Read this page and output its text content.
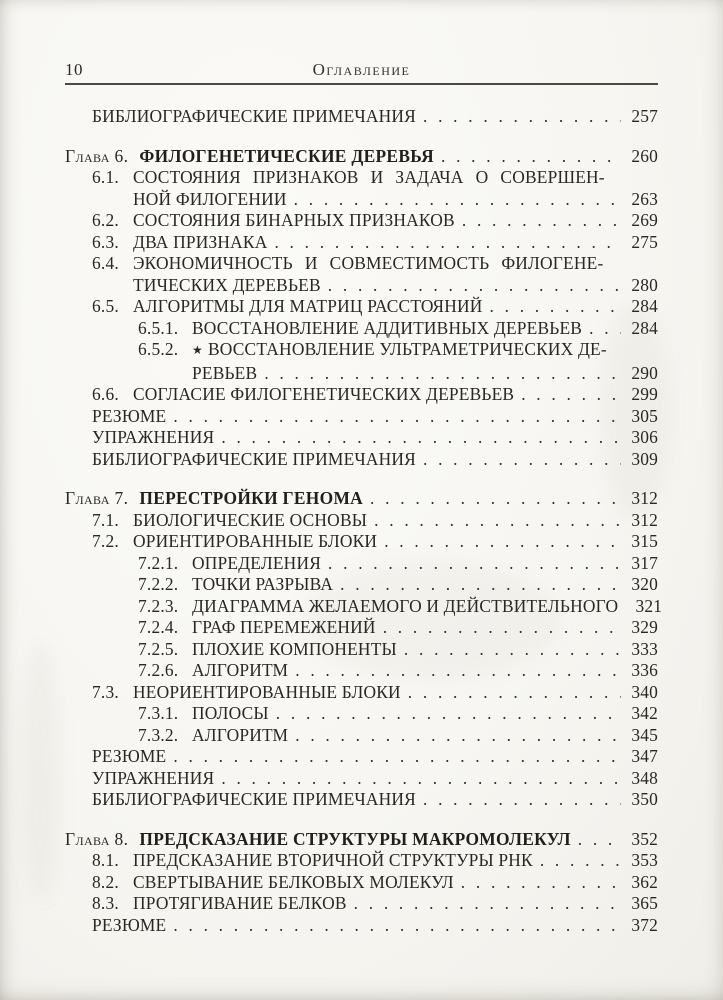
10	Оглавление
БИБЛИОГРАФИЧЕСКИЕ ПРИМЕЧАНИЯ . . .	257
Глава 6. ФИЛОГЕНЕТИЧЕСКИЕ ДЕРЕВЬЯ . . .	260
6.1. СОСТОЯНИЯ ПРИЗНАКОВ И ЗАДАЧА О СОВЕРШЕН-
НОЙ ФИЛОГЕНИИ . . .	263
6.2. СОСТОЯНИЯ БИНАРНЫХ ПРИЗНАКОВ . . .	269
6.3. ДВА ПРИЗНАКА . . .	275
6.4. ЭКОНОМИЧНОСТЬ И СОВМЕСТИМОСТЬ ФИЛОГЕНЕ-
ТИЧЕСКИХ ДЕРЕВЬЕВ . . .	280
6.5. АЛГОРИТМЫ ДЛЯ МАТРИЦ РАССТОЯНИЙ . . .	284
6.5.1. ВОССТАНОВЛЕНИЕ АДДИТИВНЫХ ДЕРЕВЬЕВ . . .	284
6.5.2.	★ ВОССТАНОВЛЕНИЕ УЛЬТРАМЕТРИЧЕСКИХ ДЕ-
РЕВЬЕВ . . .	290
6.6. СОГЛАСИЕ ФИЛОГЕНЕТИЧЕСКИХ ДЕРЕВЬЕВ . . .	299
РЕЗЮМЕ . . .	305
УПРАЖНЕНИЯ . . .	306
БИБЛИОГРАФИЧЕСКИЕ ПРИМЕЧАНИЯ . . .	309
Глава 7. ПЕРЕСТРОЙКИ ГЕНОМА . . .	312
7.1. БИОЛОГИЧЕСКИЕ ОСНОВЫ . . .	312
7.2. ОРИЕНТИРОВАННЫЕ БЛОКИ . . .	315
7.2.1. ОПРЕДЕЛЕНИЯ . . .	317
7.2.2. ТОЧКИ РАЗРЫВА . . .	320
7.2.3. ДИАГРАММА ЖЕЛАЕМОГО И ДЕЙСТВИТЕЛЬНОГО 321
7.2.4. ГРАФ ПЕРЕМЕЖЕНИЙ . . .	329
7.2.5. ПЛОХИЕ КОМПОНЕНТЫ . . .	333
7.2.6. АЛГОРИТМ . . .	336
7.3. НЕОРИЕНТИРОВАННЫЕ БЛОКИ . . .	340
7.3.1. ПОЛОСЫ . . .	342
7.3.2. АЛГОРИТМ . . .	345
РЕЗЮМЕ . . .	347
УПРАЖНЕНИЯ . . .	348
БИБЛИОГРАФИЧЕСКИЕ ПРИМЕЧАНИЯ . . .	350
Глава 8. ПРЕДСКАЗАНИЕ СТРУКТУРЫ МАКРОМОЛЕКУЛ . . .	352
8.1. ПРЕДСКАЗАНИЕ ВТОРИЧНОЙ СТРУКТУРЫ РНК . . .	353
8.2. СВЕРТЫВАНИЕ БЕЛКОВЫХ МОЛЕКУЛ . . .	362
8.3. ПРОТЯГИВАНИЕ БЕЛКОВ . . .	365
РЕЗЮМЕ . . .	372
